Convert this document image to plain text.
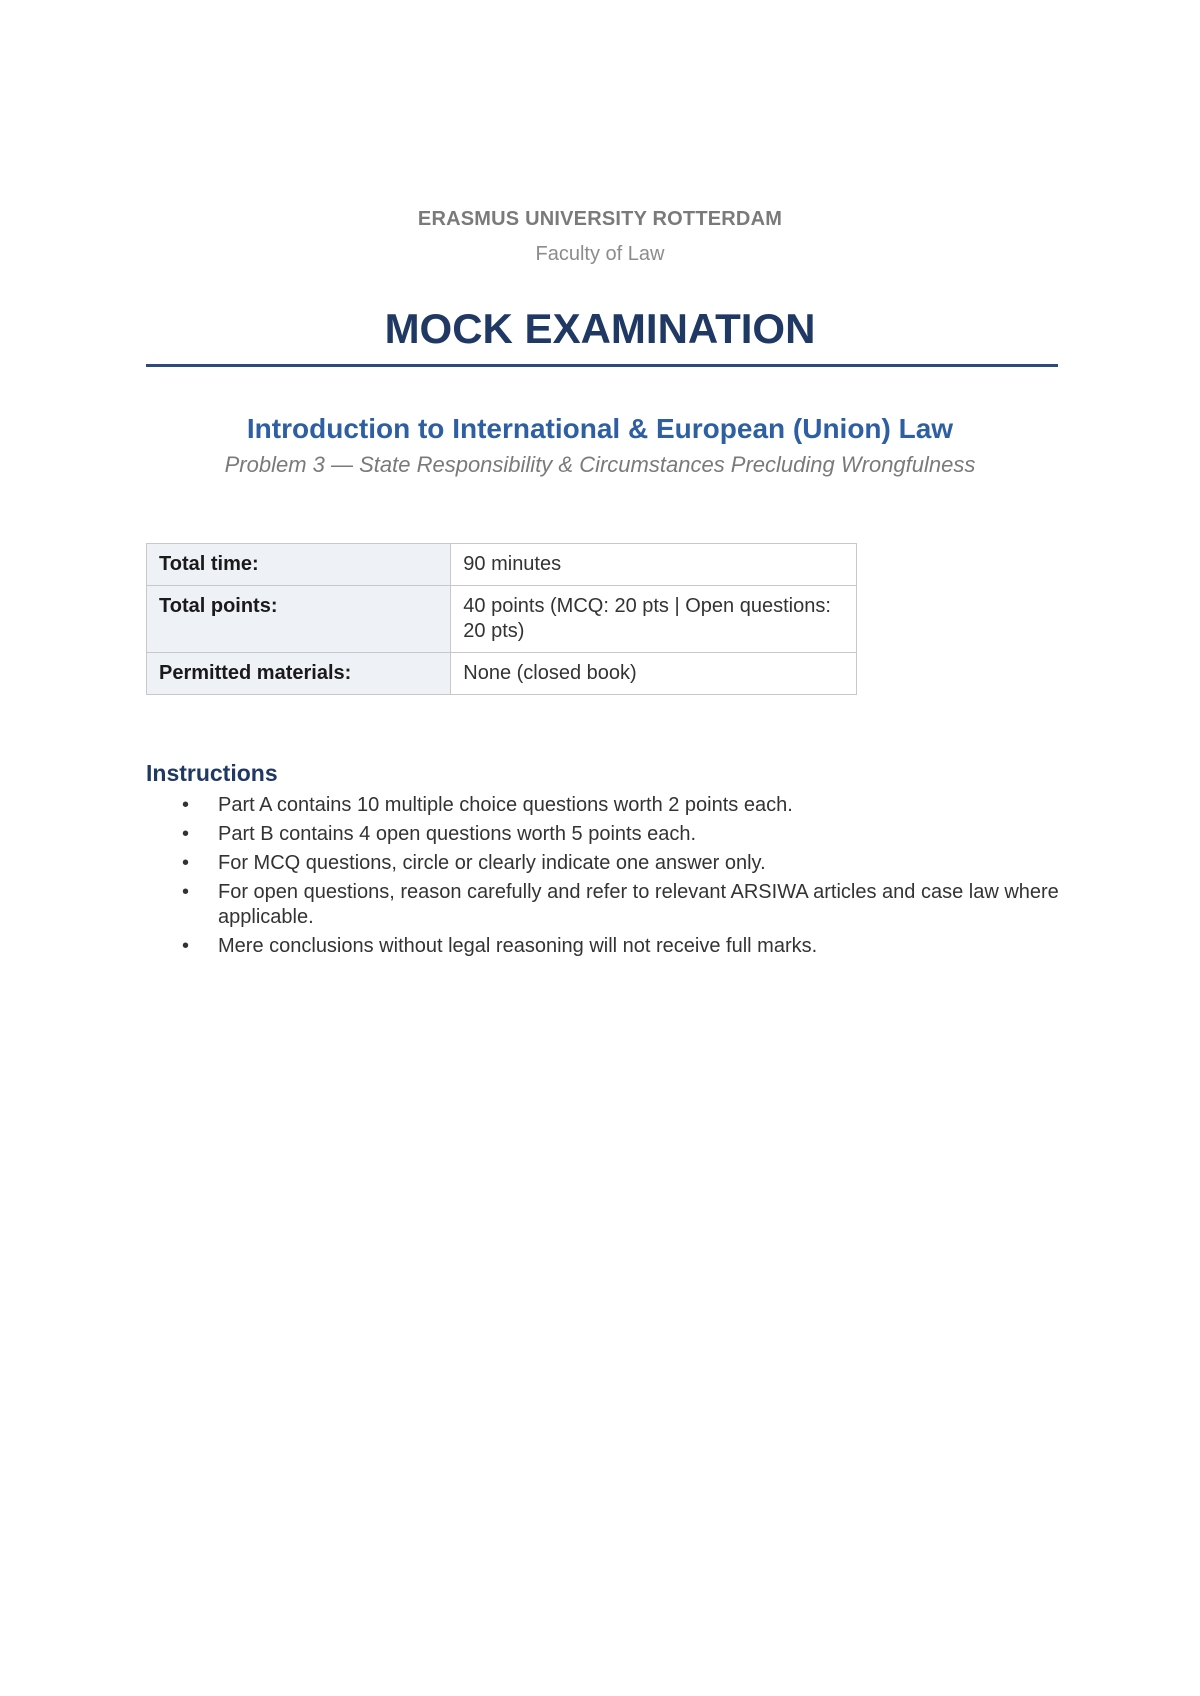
ERASMUS UNIVERSITY ROTTERDAM
Faculty of Law
MOCK EXAMINATION
Introduction to International & European (Union) Law
Problem 3 — State Responsibility & Circumstances Precluding Wrongfulness
Total time:	90 minutes
Total points:	40 points (MCQ: 20 pts | Open questions: 20 pts)
Permitted materials:	None (closed book)
Instructions
• Part A contains 10 multiple choice questions worth 2 points each.
• Part B contains 4 open questions worth 5 points each.
• For MCQ questions, circle or clearly indicate one answer only.
• For open questions, reason carefully and refer to relevant ARSIWA articles and case law where applicable.
• Mere conclusions without legal reasoning will not receive full marks.
